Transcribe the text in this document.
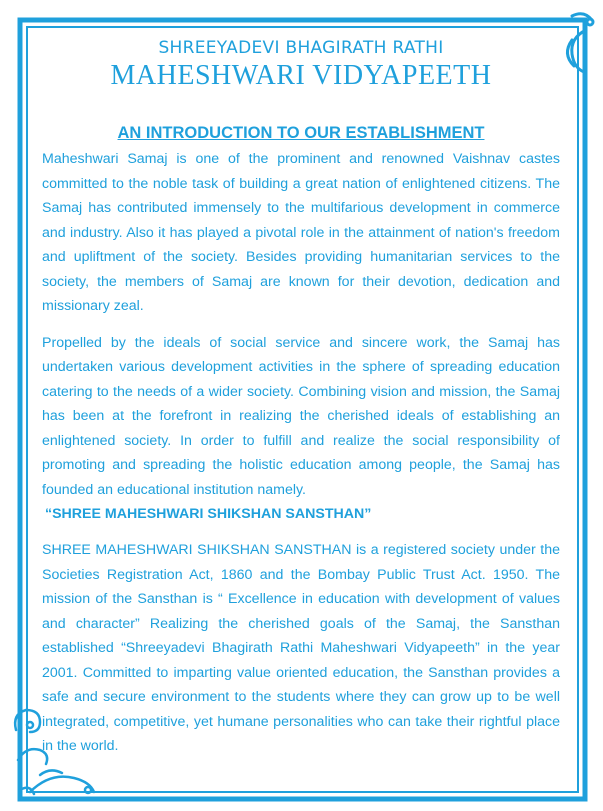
SHREEYADEVI BHAGIRATH RATHI
MAHESHWARI VIDYAPEETH
AN INTRODUCTION TO OUR ESTABLISHMENT

Maheshwari Samaj is one of the prominent and renowned Vaishnav castes committed to the noble task of building a great nation of enlightened citizens. The Samaj has contributed immensely to the multifarious development in commerce and industry. Also it has played a pivotal role in the attainment of nation's freedom and upliftment of the society. Besides providing humanitarian services to the society, the members of Samaj are known for their devotion, dedication and missionary zeal.

Propelled by the ideals of social service and sincere work, the Samaj has undertaken various development activities in the sphere of spreading education catering to the needs of a wider society. Combining vision and mission, the Samaj has been at the forefront in realizing the cherished ideals of establishing an enlightened society. In order to fulfill and realize the social responsibility of promoting and spreading the holistic education among people, the Samaj has founded an educational institution namely.

“SHREE MAHESHWARI SHIKSHAN SANSTHAN”

SHREE MAHESHWARI SHIKSHAN SANSTHAN is a registered society under the Societies Registration Act, 1860 and the Bombay Public Trust Act. 1950. The mission of the Sansthan is “ Excellence in education with development of values and character” Realizing the cherished goals of the Samaj, the Sansthan established “Shreeyadevi Bhagirath Rathi Maheshwari Vidyapeeth” in the year 2001. Committed to imparting value oriented education, the Sansthan provides a safe and secure environment to the students where they can grow up to be well integrated, competitive, yet humane personalities who can take their rightful place in the world.
